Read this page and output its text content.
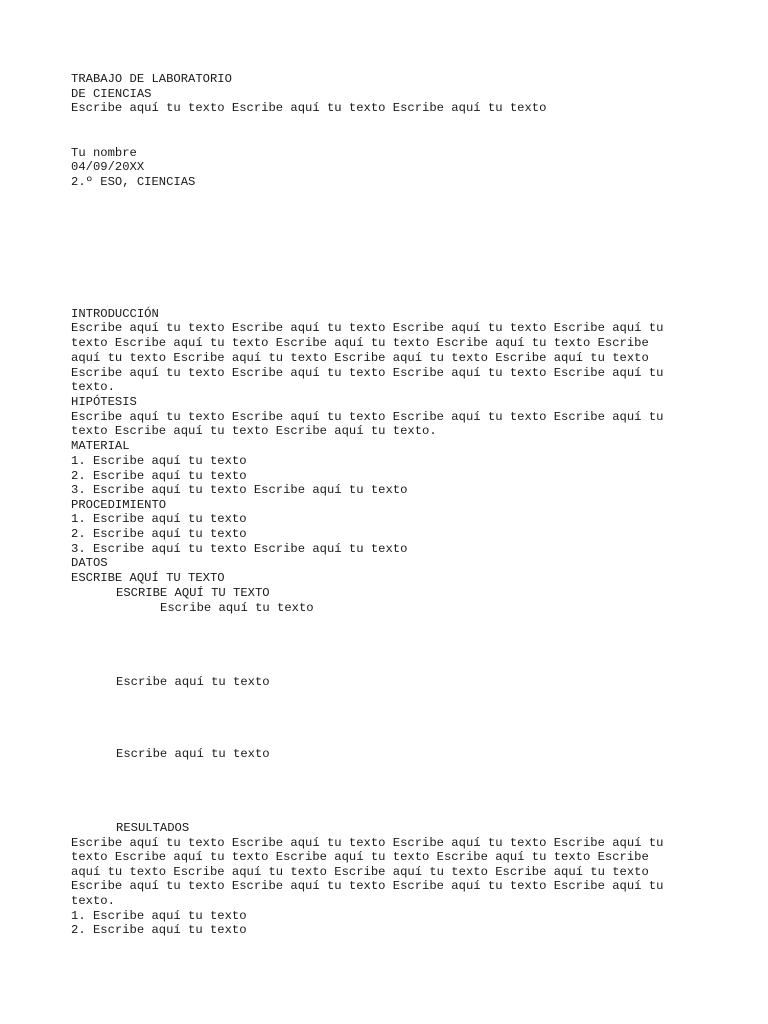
TRABAJO DE LABORATORIO
DE CIENCIAS
Escribe aquí tu texto Escribe aquí tu texto Escribe aquí tu texto
Tu nombre
04/09/20XX
2.º ESO, CIENCIAS
INTRODUCCIÓN
Escribe aquí tu texto Escribe aquí tu texto Escribe aquí tu texto Escribe aquí tu
texto Escribe aquí tu texto Escribe aquí tu texto Escribe aquí tu texto Escribe
aquí tu texto Escribe aquí tu texto Escribe aquí tu texto Escribe aquí tu texto
Escribe aquí tu texto Escribe aquí tu texto Escribe aquí tu texto Escribe aquí tu
texto.
HIPÓTESIS
Escribe aquí tu texto Escribe aquí tu texto Escribe aquí tu texto Escribe aquí tu
texto Escribe aquí tu texto Escribe aquí tu texto.
MATERIAL
1. Escribe aquí tu texto
2. Escribe aquí tu texto
3. Escribe aquí tu texto Escribe aquí tu texto
PROCEDIMIENTO
1. Escribe aquí tu texto
2. Escribe aquí tu texto
3. Escribe aquí tu texto Escribe aquí tu texto
DATOS
ESCRIBE AQUÍ TU TEXTO
ESCRIBE AQUÍ TU TEXTO
Escribe aquí tu texto
Escribe aquí tu texto
Escribe aquí tu texto
RESULTADOS
Escribe aquí tu texto Escribe aquí tu texto Escribe aquí tu texto Escribe aquí tu
texto Escribe aquí tu texto Escribe aquí tu texto Escribe aquí tu texto Escribe
aquí tu texto Escribe aquí tu texto Escribe aquí tu texto Escribe aquí tu texto
Escribe aquí tu texto Escribe aquí tu texto Escribe aquí tu texto Escribe aquí tu
texto.
1. Escribe aquí tu texto
2. Escribe aquí tu texto
